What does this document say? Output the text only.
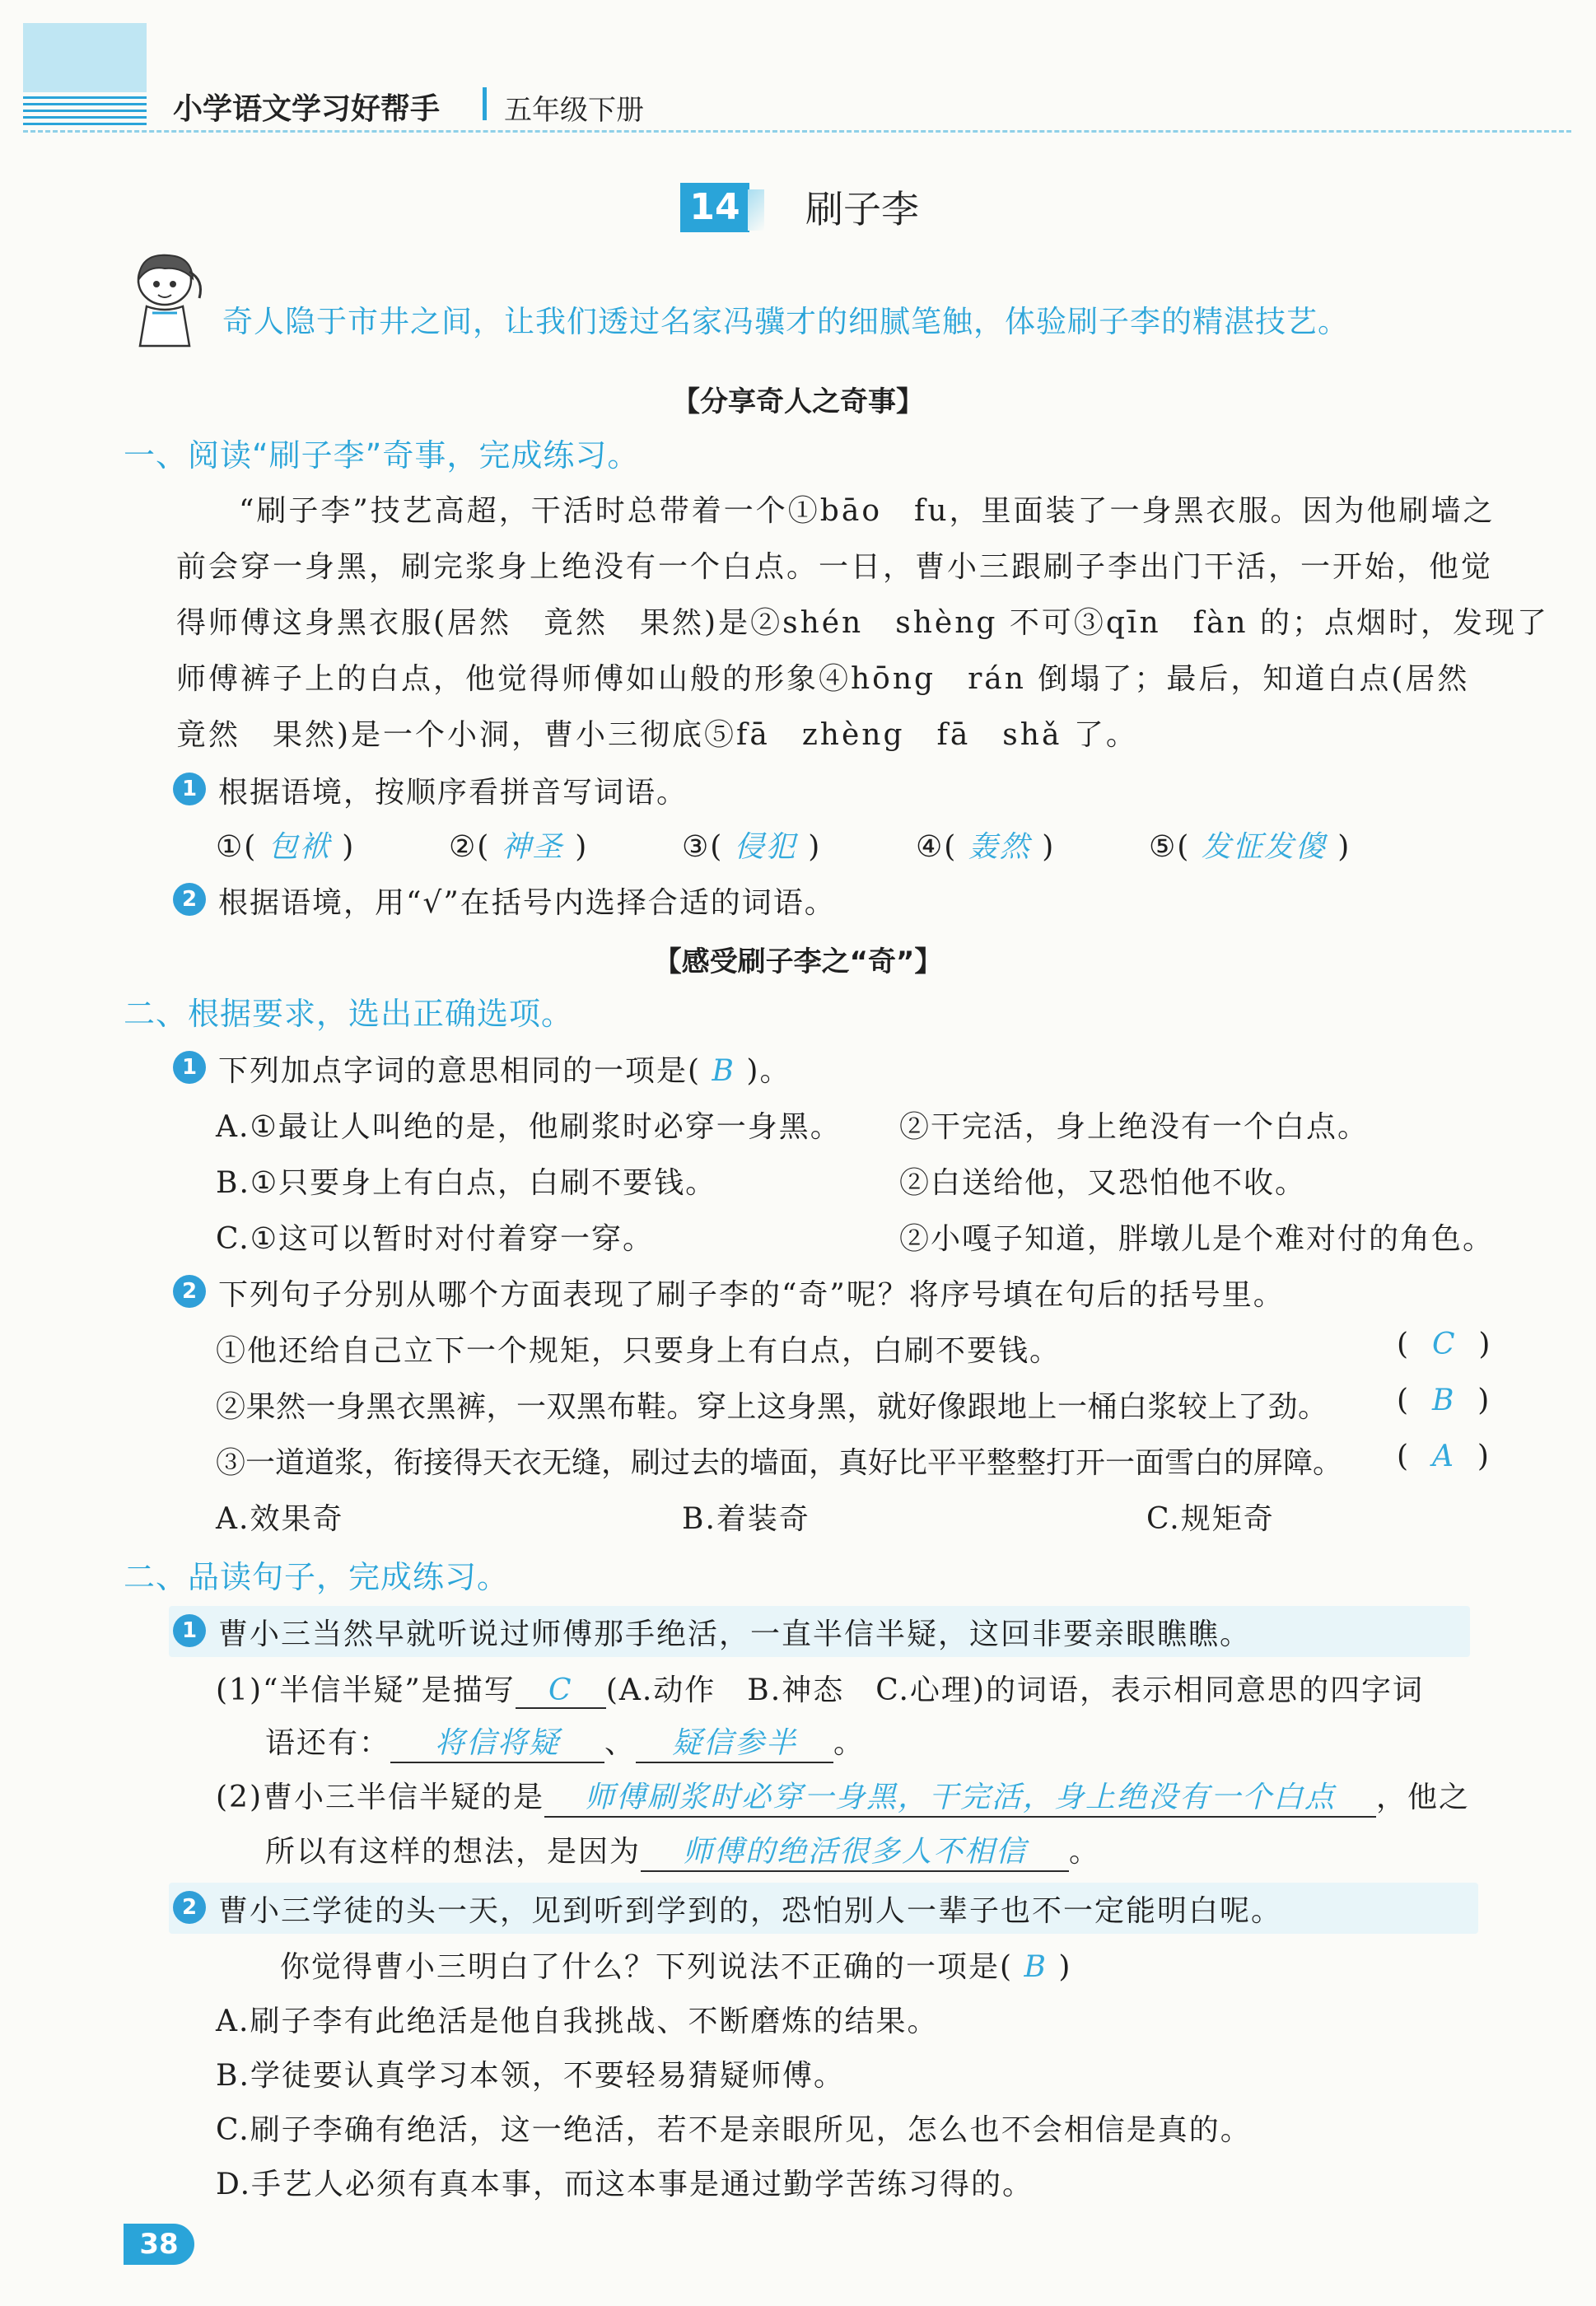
小学语文学习好帮手 五年级下册
14 刷子李
奇人隐于市井之间，让我们透过名家冯骥才的细腻笔触，体验刷子李的精湛技艺。
【分享奇人之奇事】
一、阅读“刷子李”奇事，完成练习。
“刷子李”技艺高超，干活时总带着一个①bāo　fu，里面装了一身黑衣服。因为他刷墙之
前会穿一身黑，刷完浆身上绝没有一个白点。一日，曹小三跟刷子李出门干活，一开始，他觉
得师傅这身黑衣服(居然　竟然　果然)是②shén　shèng 不可③qīn　fàn 的；点烟时，发现了
师傅裤子上的白点，他觉得师傅如山般的形象④hōng　rán 倒塌了；最后，知道白点(居然
竟然　果然)是一个小洞，曹小三彻底⑤fā　zhèng　fā　shǎ 了。
1 根据语境，按顺序看拼音写词语。
①( 包袱 )	②( 神圣 )	③( 侵犯 )	④( 轰然 )	⑤( 发怔发傻 )
2 根据语境，用“√”在括号内选择合适的词语。
【感受刷子李之“奇”】
二、根据要求，选出正确选项。
1 下列加点字词的意思相同的一项是( B )。
A.①最让人叫绝的是，他刷浆时必穿一身黑。 ②干完活，身上绝没有一个白点。
B.①只要身上有白点，白刷不要钱。	②白送给他，又恐怕他不收。
C.①这可以暂时对付着穿一穿。	②小嘎子知道，胖墩儿是个难对付的角色。
2 下列句子分别从哪个方面表现了刷子李的“奇”呢？将序号填在句后的括号里。
①他还给自己立下一个规矩，只要身上有白点，白刷不要钱。	(  C  )
②果然一身黑衣黑裤，一双黑布鞋。穿上这身黑，就好像跟地上一桶白浆较上了劲。 (  B  )
③一道道浆，衔接得天衣无缝，刷过去的墙面，真好比平平整整打开一面雪白的屏障。 (  A  )
A.效果奇	B.着装奇	C.规矩奇
二、品读句子，完成练习。
1 曹小三当然早就听说过师傅那手绝活，一直半信半疑，这回非要亲眼瞧瞧。
(1)“半信半疑”是描写 C (A.动作　B.神态　C.心理)的词语，表示相同意思的四字词
语还有： 将信将疑 、 疑信参半 。
(2)曹小三半信半疑的是 师傅刷浆时必穿一身黑，干完活，身上绝没有一个白点 ，他之
所以有这样的想法，是因为 师傅的绝活很多人不相信 。
2 曹小三学徒的头一天，见到听到学到的，恐怕别人一辈子也不一定能明白呢。
你觉得曹小三明白了什么？下列说法不正确的一项是( B )
A.刷子李有此绝活是他自我挑战、不断磨炼的结果。
B.学徒要认真学习本领，不要轻易猜疑师傅。
C.刷子李确有绝活，这一绝活，若不是亲眼所见，怎么也不会相信是真的。
D.手艺人必须有真本事，而这本事是通过勤学苦练习得的。
38
